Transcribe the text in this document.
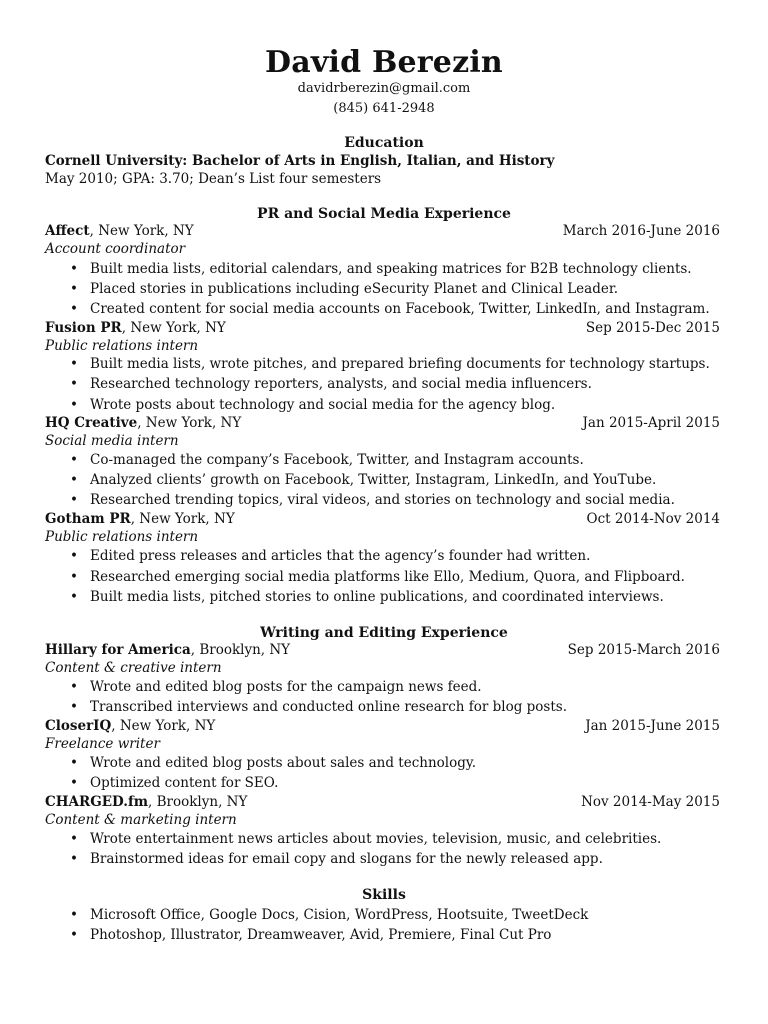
David Berezin
davidrberezin@gmail.com
(845) 641-2948
Education
Cornell University: Bachelor of Arts in English, Italian, and History
May 2010; GPA: 3.70; Dean’s List four semesters
PR and Social Media Experience
Affect, New York, NY	March 2016-June 2016
Account coordinator
• Built media lists, editorial calendars, and speaking matrices for B2B technology clients.
• Placed stories in publications including eSecurity Planet and Clinical Leader.
• Created content for social media accounts on Facebook, Twitter, LinkedIn, and Instagram.
Fusion PR, New York, NY	Sep 2015-Dec 2015
Public relations intern
• Built media lists, wrote pitches, and prepared briefing documents for technology startups.
• Researched technology reporters, analysts, and social media influencers.
• Wrote posts about technology and social media for the agency blog.
HQ Creative, New York, NY	Jan 2015-April 2015
Social media intern
• Co-managed the company’s Facebook, Twitter, and Instagram accounts.
• Analyzed clients’ growth on Facebook, Twitter, Instagram, LinkedIn, and YouTube.
• Researched trending topics, viral videos, and stories on technology and social media.
Gotham PR, New York, NY	Oct 2014-Nov 2014
Public relations intern
• Edited press releases and articles that the agency’s founder had written.
• Researched emerging social media platforms like Ello, Medium, Quora, and Flipboard.
• Built media lists, pitched stories to online publications, and coordinated interviews.
Writing and Editing Experience
Hillary for America, Brooklyn, NY	Sep 2015-March 2016
Content & creative intern
• Wrote and edited blog posts for the campaign news feed.
• Transcribed interviews and conducted online research for blog posts.
CloserIQ, New York, NY	Jan 2015-June 2015
Freelance writer
• Wrote and edited blog posts about sales and technology.
• Optimized content for SEO.
CHARGED.fm, Brooklyn, NY	Nov 2014-May 2015
Content & marketing intern
• Wrote entertainment news articles about movies, television, music, and celebrities.
• Brainstormed ideas for email copy and slogans for the newly released app.
Skills
• Microsoft Office, Google Docs, Cision, WordPress, Hootsuite, TweetDeck
• Photoshop, Illustrator, Dreamweaver, Avid, Premiere, Final Cut Pro
